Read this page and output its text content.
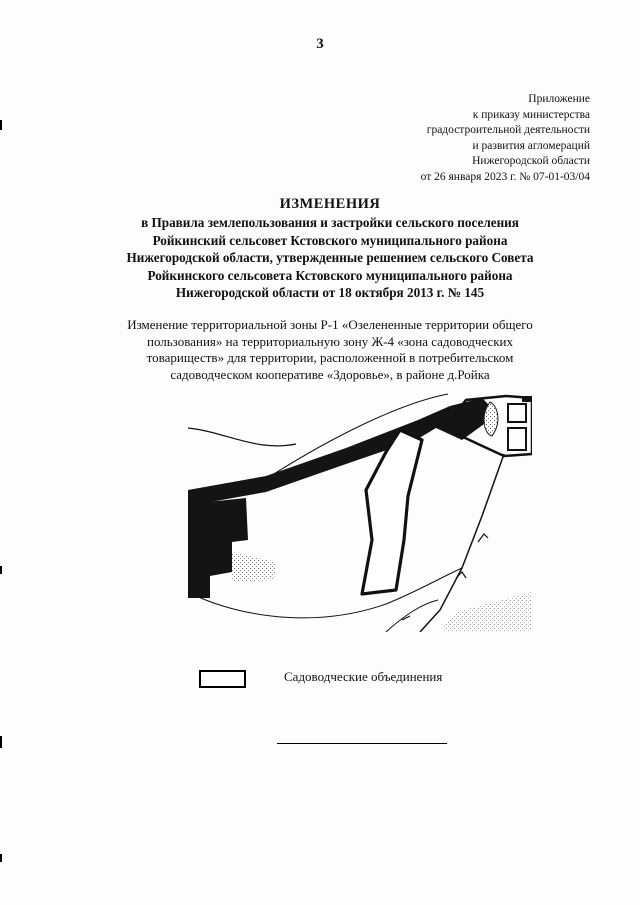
3
Приложение
к приказу министерства
градостроительной деятельности
и развития агломераций
Нижегородской области
от 26 января 2023 г. № 07-01-03/04
ИЗМЕНЕНИЯ
в Правила землепользования и застройки сельского поселения
Ройкинский сельсовет Кстовского муниципального района
Нижегородской области, утвержденные решением сельского Совета
Ройкинского сельсовета Кстовского муниципального района
Нижегородской области от 18 октября 2013 г. № 145
Изменение территориальной зоны Р-1 «Озелененные территории общего
пользования» на территориальную зону Ж-4 «зона садоводческих
товариществ» для территории, расположенной в потребительском
садоводческом кооперативе «Здоровье», в районе д.Ройка
Садоводческие объединения
